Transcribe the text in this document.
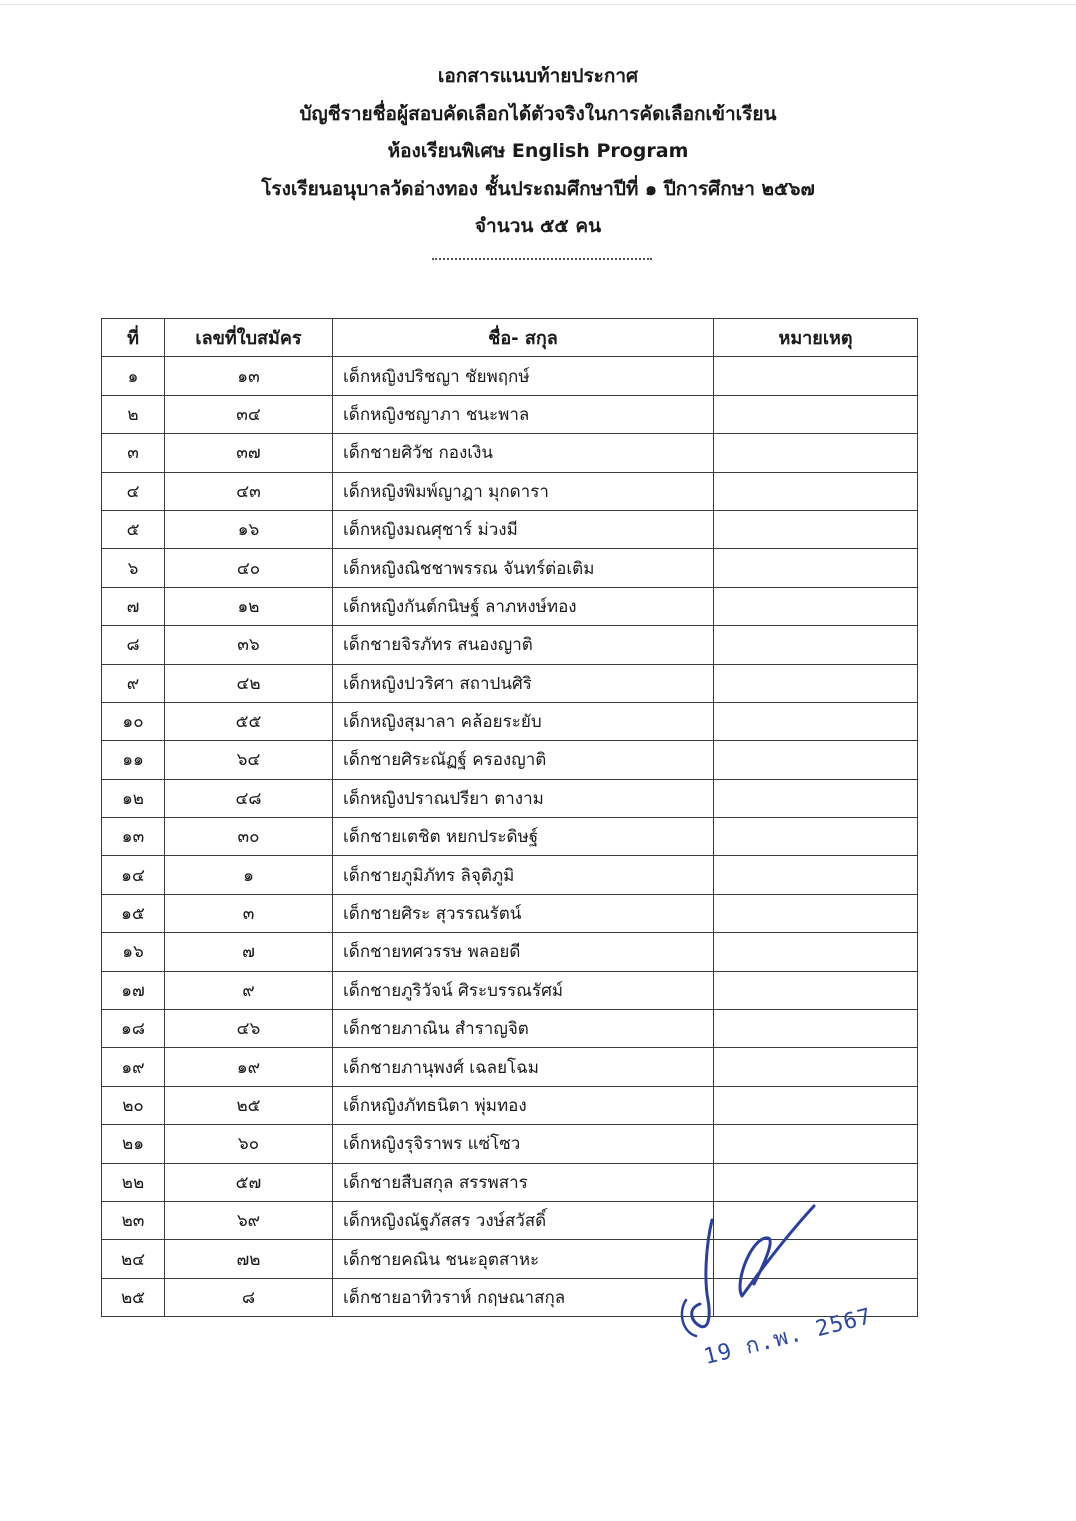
เอกสารแนบท้ายประกาศ
บัญชีรายชื่อผู้สอบคัดเลือกได้ตัวจริงในการคัดเลือกเข้าเรียน
ห้องเรียนพิเศษ English Program
โรงเรียนอนุบาลวัดอ่างทอง ชั้นประถมศึกษาปีที่ ๑ ปีการศึกษา ๒๕๖๗
จำนวน ๕๕ คน
ที่	เลขที่ใบสมัคร	ชื่อ- สกุล	หมายเหตุ
๑	๑๓	เด็กหญิงปริชญา ชัยพฤกษ์	
๒	๓๔	เด็กหญิงชญาภา ชนะพาล	
๓	๓๗	เด็กชายศิวัช กองเงิน	
๔	๔๓	เด็กหญิงพิมพ์ญาฎา มุกดารา	
๕	๑๖	เด็กหญิงมณศุชาร์ ม่วงมี	
๖	๔๐	เด็กหญิงณิชชาพรรณ จันทร์ต่อเติม	
๗	๑๒	เด็กหญิงกันต์กนิษฐ์ ลาภหงษ์ทอง	
๘	๓๖	เด็กชายจิรภัทร สนองญาติ	
๙	๔๒	เด็กหญิงปวริศา สถาปนศิริ	
๑๐	๕๕	เด็กหญิงสุมาลา คล้อยระยับ	
๑๑	๖๔	เด็กชายศิระณัฏฐ์ ครองญาติ	
๑๒	๔๘	เด็กหญิงปราณปรียา ตางาม	
๑๓	๓๐	เด็กชายเตชิต หยกประดิษฐ์	
๑๔	๑	เด็กชายภูมิภัทร ลิจุติภูมิ	
๑๕	๓	เด็กชายศิระ สุวรรณรัตน์	
๑๖	๗	เด็กชายทศวรรษ พลอยดี	
๑๗	๙	เด็กชายภูริวัจน์ ศิระบรรณรัศม์	
๑๘	๔๖	เด็กชายภาณิน สำราญจิต	
๑๙	๑๙	เด็กชายภานุพงศ์ เฉลยโฉม	
๒๐	๒๕	เด็กหญิงภัทธนิตา พุ่มทอง	
๒๑	๖๐	เด็กหญิงรุจิราพร แซ่โซว	
๒๒	๕๗	เด็กชายสืบสกุล สรรพสาร	
๒๓	๖๙	เด็กหญิงณัฐภัสสร วงษ์สวัสดิ์	
๒๔	๗๒	เด็กชายคณิน ชนะอุตสาหะ	
๒๕	๘	เด็กชายอาทิวราห์ กฤษณาสกุล	
19 ก.พ. 2567
